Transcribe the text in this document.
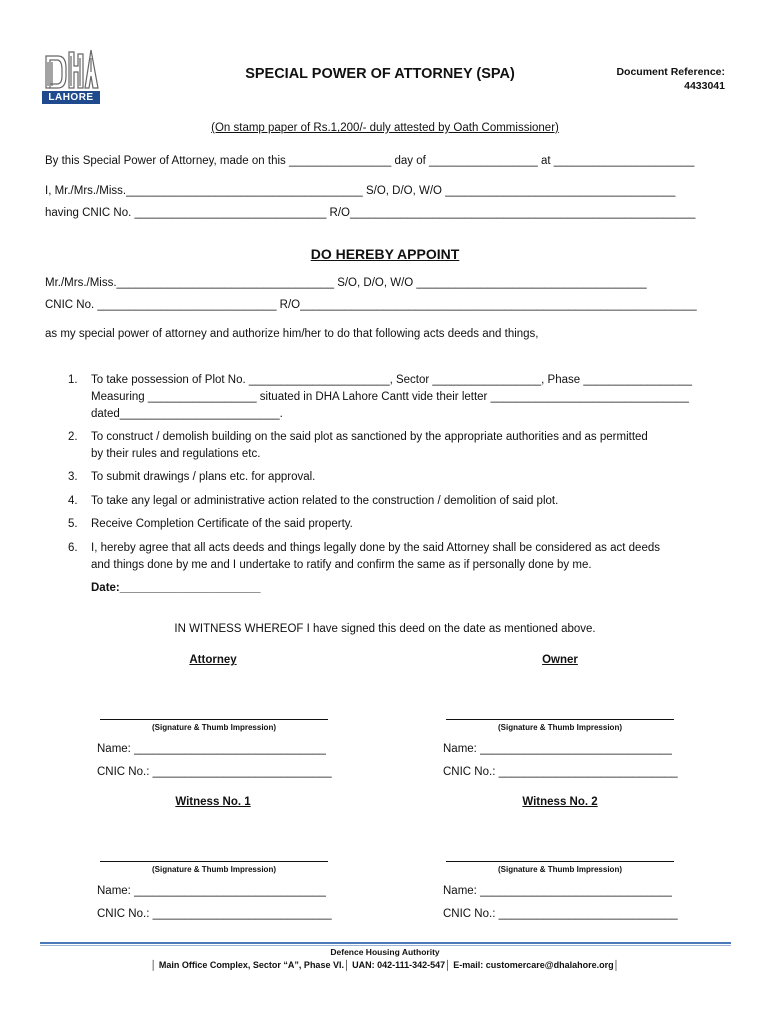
LAHORE
SPECIAL POWER OF ATTORNEY (SPA)	Document Reference:
4433041
(On stamp paper of Rs.1,200/- duly attested by Oath Commissioner)
By this Special Power of Attorney, made on this ________________ day of _________________ at ______________________
I, Mr./Mrs./Miss._____________________________________ S/O, D/O, W/O ____________________________________
having CNIC No. ______________________________ R/O______________________________________________________
DO HEREBY APPOINT
Mr./Mrs./Miss.__________________________________ S/O, D/O, W/O ____________________________________
CNIC No. ____________________________ R/O______________________________________________________________
as my special power of attorney and authorize him/her to do that following acts deeds and things,
1. To take possession of Plot No. ______________________, Sector _________________, Phase _________________
Measuring _________________ situated in DHA Lahore Cantt vide their letter _______________________________
dated_________________________.
2. To construct / demolish building on the said plot as sanctioned by the appropriate authorities and as permitted
by their rules and regulations etc.
3. To submit drawings / plans etc. for approval.
4. To take any legal or administrative action related to the construction / demolition of said plot.
5. Receive Completion Certificate of the said property.
6. I, hereby agree that all acts deeds and things legally done by the said Attorney shall be considered as act deeds
and things done by me and I undertake to ratify and confirm the same as if personally done by me.
Date:______________________
IN WITNESS WHEREOF I have signed this deed on the date as mentioned above.
Attorney	Owner
(Signature & Thumb Impression)	(Signature & Thumb Impression)
Name: ______________________________	Name: ______________________________
CNIC No.: ____________________________	CNIC No.: ____________________________
Witness No. 1	Witness No. 2
(Signature & Thumb Impression)	(Signature & Thumb Impression)
Name: ______________________________	Name: ______________________________
CNIC No.: ____________________________	CNIC No.: ____________________________
Defence Housing Authority
│ Main Office Complex, Sector “A”, Phase VI.│ UAN: 042-111-342-547│ E-mail: customercare@dhalahore.org│
